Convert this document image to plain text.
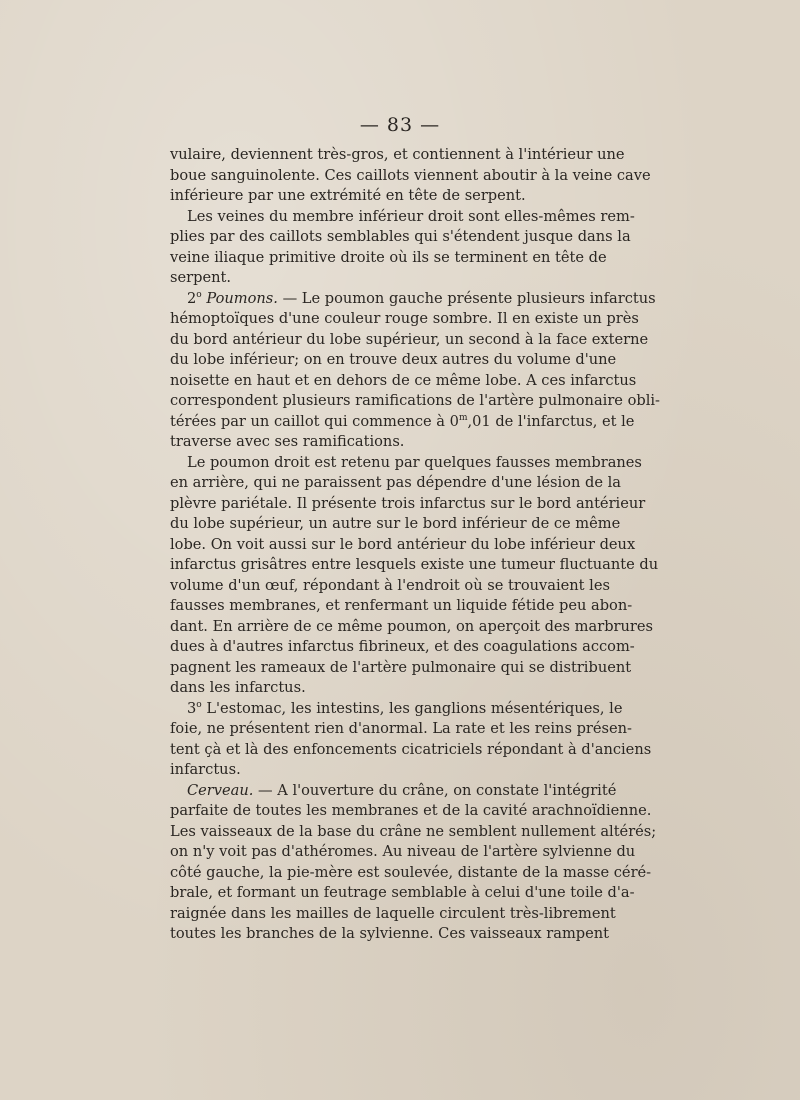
— 83 —
vulaire, deviennent très-gros, et contiennent à l'intérieur une
boue sanguinolente. Ces caillots viennent aboutir à la veine cave
inférieure par une extrémité en tête de serpent.
Les veines du membre inférieur droit sont elles-mêmes rem-
plies par des caillots semblables qui s'étendent jusque dans la
veine iliaque primitive droite où ils se terminent en tête de
serpent.
2$^o$ Poumons. — Le poumon gauche présente plusieurs infarctus
hémoptoïques d'une couleur rouge sombre. Il en existe un près
du bord antérieur du lobe supérieur, un second à la face externe
du lobe inférieur; on en trouve deux autres du volume d'une
noisette en haut et en dehors de ce même lobe. A ces infarctus
correspondent plusieurs ramifications de l'artère pulmonaire obli-
térées par un caillot qui commence à 0$^m$,01 de l'infarctus, et le
traverse avec ses ramifications.
Le poumon droit est retenu par quelques fausses membranes
en arrière, qui ne paraissent pas dépendre d'une lésion de la
plèvre pariétale. Il présente trois infarctus sur le bord antérieur
du lobe supérieur, un autre sur le bord inférieur de ce même
lobe. On voit aussi sur le bord antérieur du lobe inférieur deux
infarctus grisâtres entre lesquels existe une tumeur fluctuante du
volume d'un œuf, répondant à l'endroit où se trouvaient les
fausses membranes, et renfermant un liquide fétide peu abon-
dant. En arrière de ce même poumon, on aperçoit des marbrures
dues à d'autres infarctus fibrineux, et des coagulations accom-
pagnent les rameaux de l'artère pulmonaire qui se distribuent
dans les infarctus.
3$^o$ L'estomac, les intestins, les ganglions mésentériques, le
foie, ne présentent rien d'anormal. La rate et les reins présen-
tent çà et là des enfoncements cicatriciels répondant à d'anciens
infarctus.
Cerveau. — A l'ouverture du crâne, on constate l'intégrité
parfaite de toutes les membranes et de la cavité arachnoïdienne.
Les vaisseaux de la base du crâne ne semblent nullement altérés;
on n'y voit pas d'athéromes. Au niveau de l'artère sylvienne du
côté gauche, la pie-mère est soulevée, distante de la masse céré-
brale, et formant un feutrage semblable à celui d'une toile d'a-
raignée dans les mailles de laquelle circulent très-librement
toutes les branches de la sylvienne. Ces vaisseaux rampent
